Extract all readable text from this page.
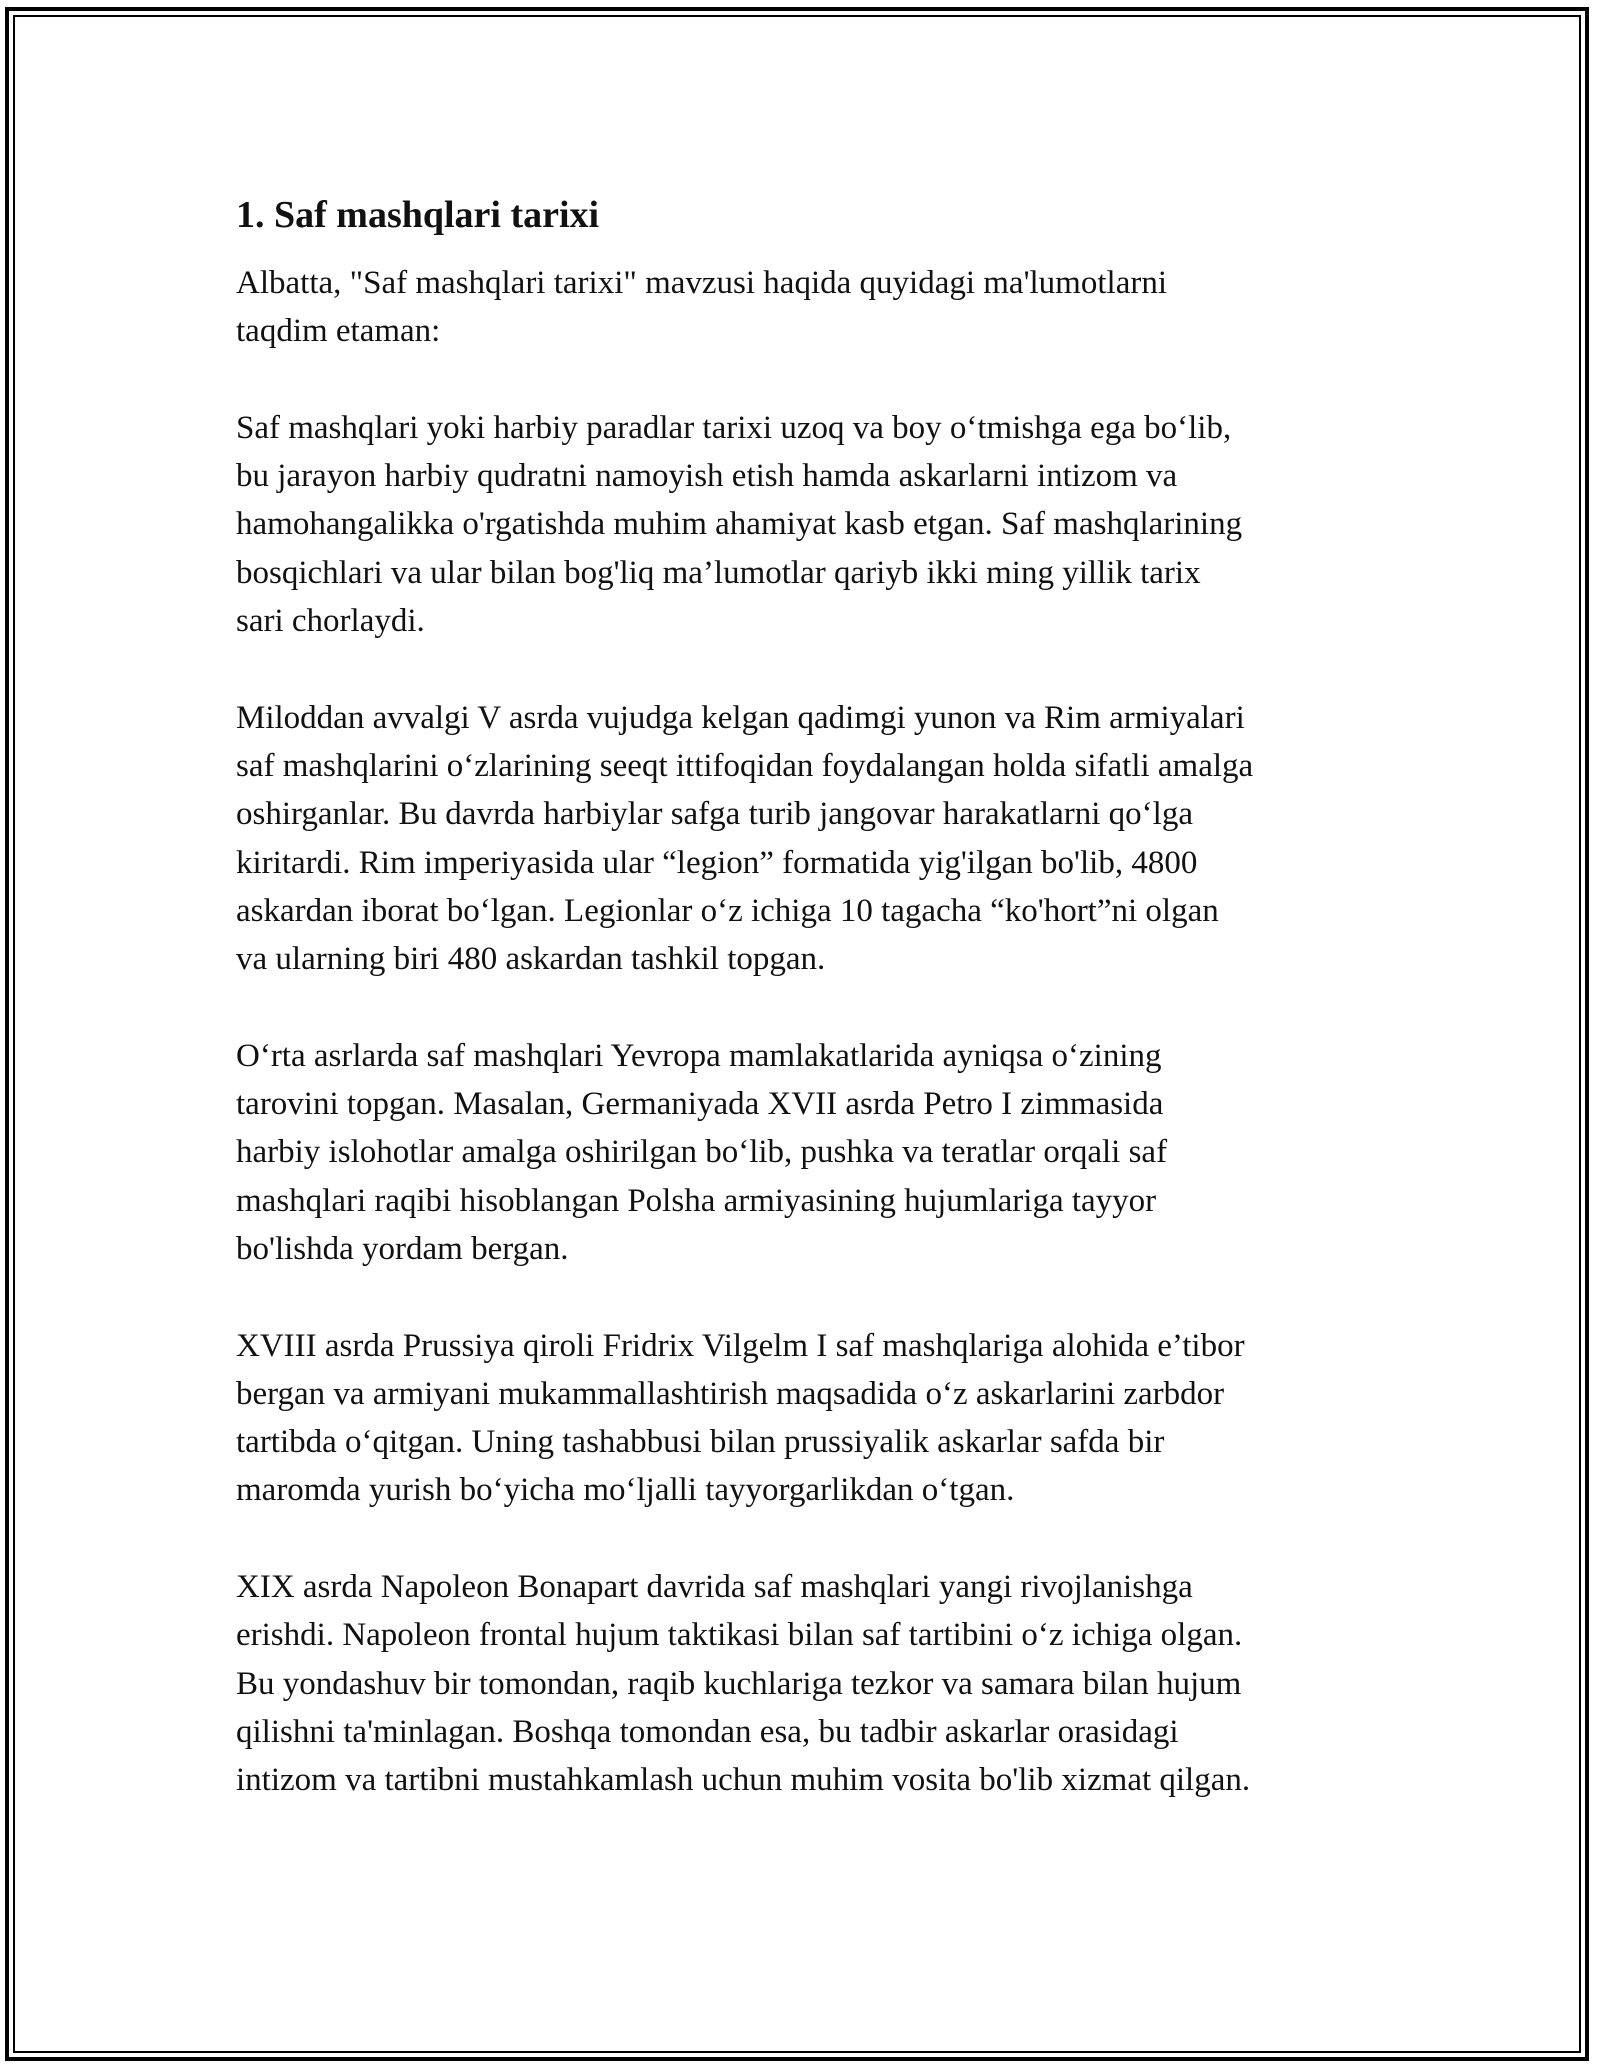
1. Saf mashqlari tarixi
Albatta, "Saf mashqlari tarixi" mavzusi haqida quyidagi ma'lumotlarni
taqdim etaman:
Saf mashqlari yoki harbiy paradlar tarixi uzoq va boy o‘tmishga ega bo‘lib,
bu jarayon harbiy qudratni namoyish etish hamda askarlarni intizom va
hamohangalikka o'rgatishda muhim ahamiyat kasb etgan. Saf mashqlarining
bosqichlari va ular bilan bog'liq ma’lumotlar qariyb ikki ming yillik tarix
sari chorlaydi.
Miloddan avvalgi V asrda vujudga kelgan qadimgi yunon va Rim armiyalari
saf mashqlarini o‘zlarining seeqt ittifoqidan foydalangan holda sifatli amalga
oshirganlar. Bu davrda harbiylar safga turib jangovar harakatlarni qo‘lga
kiritardi. Rim imperiyasida ular “legion” formatida yig'ilgan bo'lib, 4800
askardan iborat bo‘lgan. Legionlar o‘z ichiga 10 tagacha “ko'hort”ni olgan
va ularning biri 480 askardan tashkil topgan.
O‘rta asrlarda saf mashqlari Yevropa mamlakatlarida ayniqsa o‘zining
tarovini topgan. Masalan, Germaniyada XVII asrda Petro I zimmasida
harbiy islohotlar amalga oshirilgan bo‘lib, pushka va teratlar orqali saf
mashqlari raqibi hisoblangan Polsha armiyasining hujumlariga tayyor
bo'lishda yordam bergan.
XVIII asrda Prussiya qiroli Fridrix Vilgelm I saf mashqlariga alohida e’tibor
bergan va armiyani mukammallashtirish maqsadida o‘z askarlarini zarbdor
tartibda o‘qitgan. Uning tashabbusi bilan prussiyalik askarlar safda bir
maromda yurish bo‘yicha mo‘ljalli tayyorgarlikdan o‘tgan.
XIX asrda Napoleon Bonapart davrida saf mashqlari yangi rivojlanishga
erishdi. Napoleon frontal hujum taktikasi bilan saf tartibini o‘z ichiga olgan.
Bu yondashuv bir tomondan, raqib kuchlariga tezkor va samara bilan hujum
qilishni ta'minlagan. Boshqa tomondan esa, bu tadbir askarlar orasidagi
intizom va tartibni mustahkamlash uchun muhim vosita bo'lib xizmat qilgan.
